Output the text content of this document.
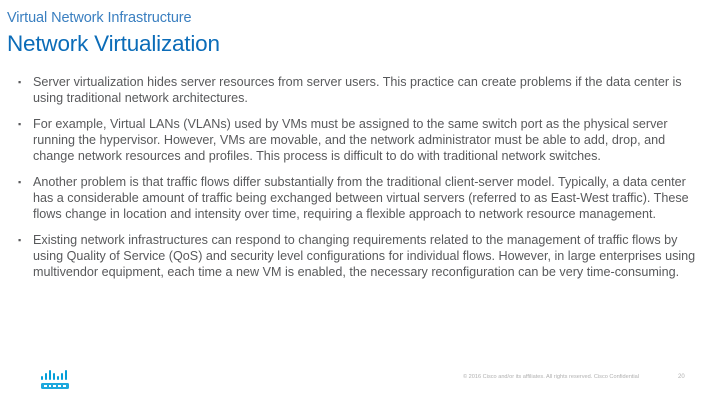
Virtual Network Infrastructure
Network Virtualization
▪ Server virtualization hides server resources from server users. This practice can create problems if the data center is using traditional network architectures.
▪ For example, Virtual LANs (VLANs) used by VMs must be assigned to the same switch port as the physical server running the hypervisor. However, VMs are movable, and the network administrator must be able to add, drop, and change network resources and profiles. This process is difficult to do with traditional network switches.
▪ Another problem is that traffic flows differ substantially from the traditional client-server model. Typically, a data center has a considerable amount of traffic being exchanged between virtual servers (referred to as East-West traffic). These flows change in location and intensity over time, requiring a flexible approach to network resource management.
▪ Existing network infrastructures can respond to changing requirements related to the management of traffic flows by using Quality of Service (QoS) and security level configurations for individual flows. However, in large enterprises using multivendor equipment, each time a new VM is enabled, the necessary reconfiguration can be very time-consuming.
© 2016 Cisco and/or its affiliates. All rights reserved. Cisco Confidential	20
